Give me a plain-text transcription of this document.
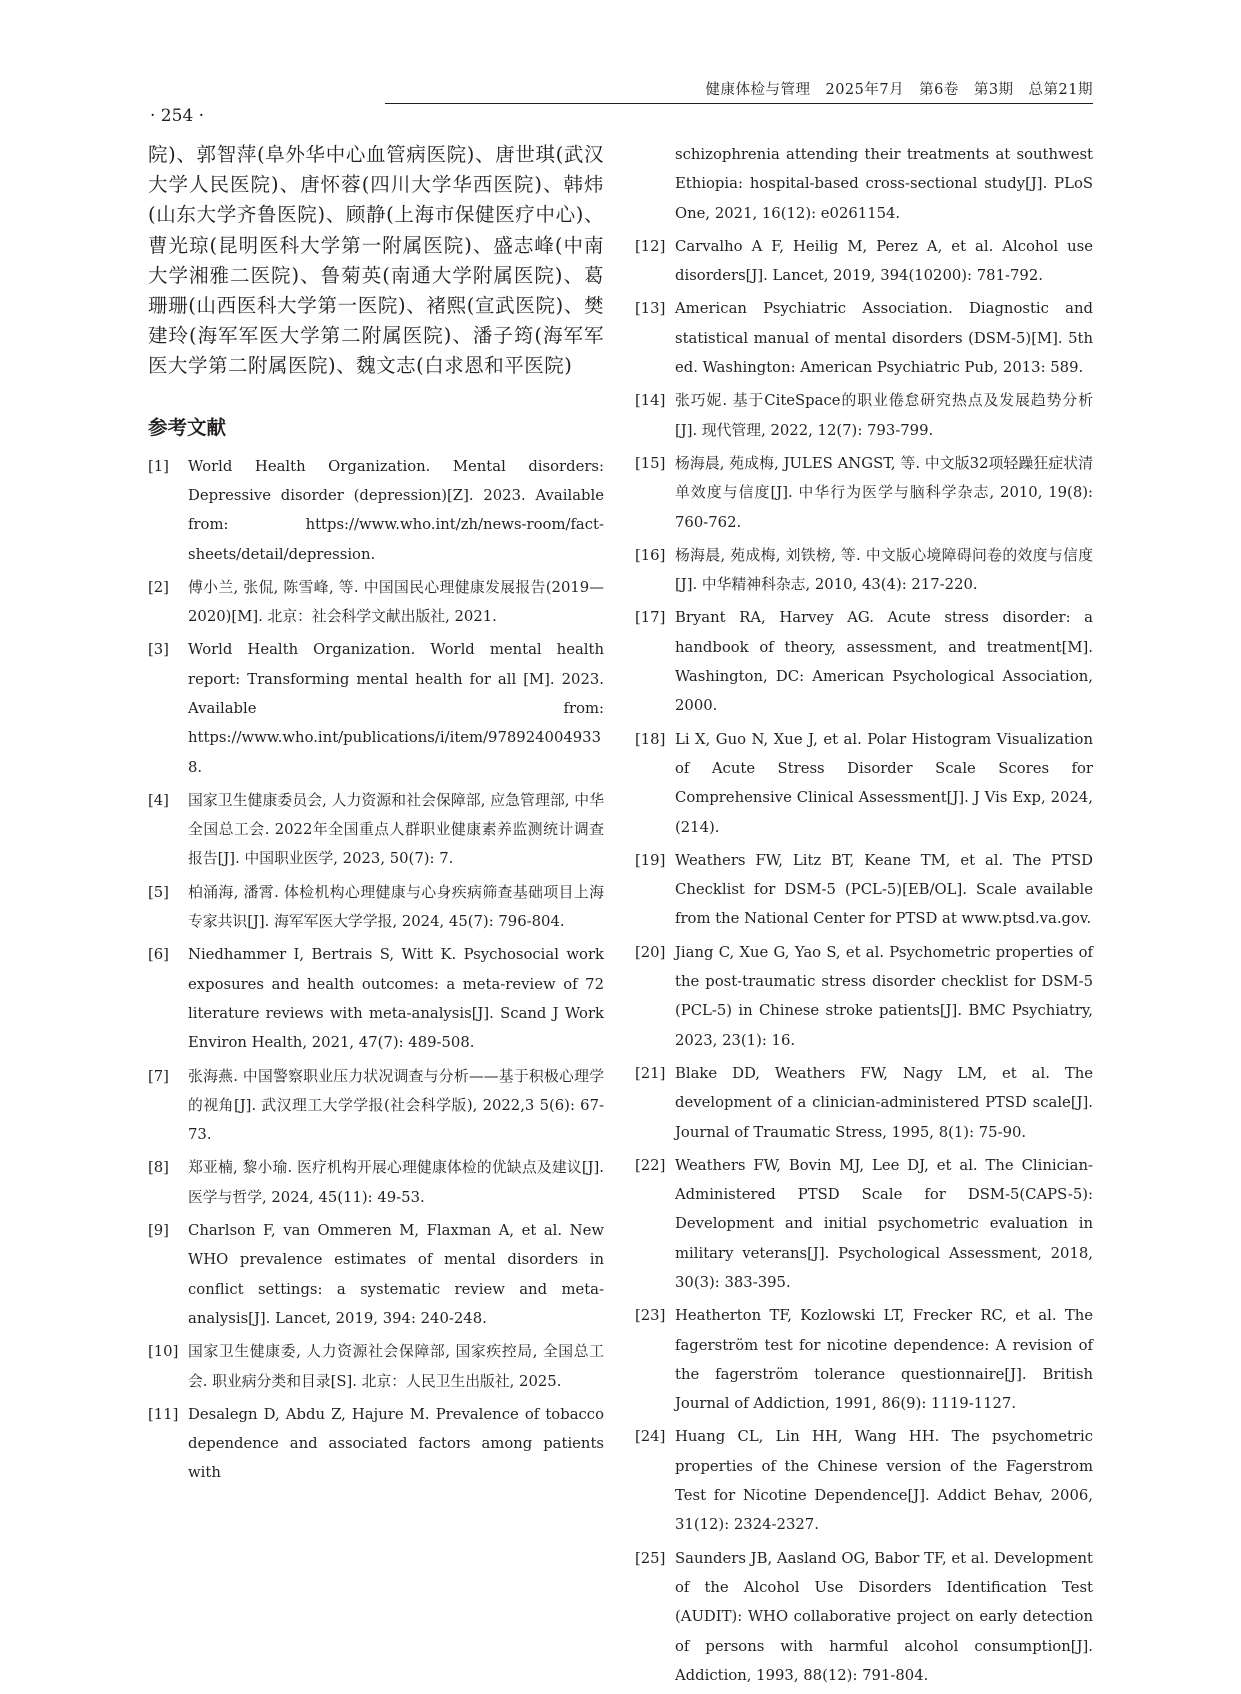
健康体检与管理　2025年7月　第6卷　第3期　总第21期
· 254 ·

院)、郭智萍(阜外华中心血管病医院)、唐世琪(武汉大学人民医院)、唐怀蓉(四川大学华西医院)、韩炜(山东大学齐鲁医院)、顾静(上海市保健医疗中心)、曹光琼(昆明医科大学第一附属医院)、盛志峰(中南大学湘雅二医院)、鲁菊英(南通大学附属医院)、葛珊珊(山西医科大学第一医院)、褚熙(宣武医院)、樊建玲(海军军医大学第二附属医院)、潘子筠(海军军医大学第二附属医院)、魏文志(白求恩和平医院)

参考文献
[1]	World Health Organization. Mental disorders: Depressive disorder (depression)[Z]. 2023. Available from: https://www.who.int/zh/news-room/fact-sheets/detail/depression.
[2]	傅小兰, 张侃, 陈雪峰, 等. 中国国民心理健康发展报告(2019—2020)[M]. 北京：社会科学文献出版社, 2021.
[3]	World Health Organization. World mental health report: Transforming mental health for all [M]. 2023. Available from: https://www.who.int/publications/i/item/9789240049338.
[4]	国家卫生健康委员会, 人力资源和社会保障部, 应急管理部, 中华全国总工会. 2022年全国重点人群职业健康素养监测统计调查报告[J]. 中国职业医学, 2023, 50(7): 7.
[5]	柏涌海, 潘霄. 体检机构心理健康与心身疾病筛查基础项目上海专家共识[J]. 海军军医大学学报, 2024, 45(7): 796-804.
[6]	Niedhammer I, Bertrais S, Witt K. Psychosocial work exposures and health outcomes: a meta-review of 72 literature reviews with meta-analysis[J]. Scand J Work Environ Health, 2021, 47(7): 489-508.
[7]	张海燕. 中国警察职业压力状况调查与分析——基于积极心理学的视角[J]. 武汉理工大学学报(社会科学版), 2022,3 5(6): 67-73.
[8]	郑亚楠, 黎小瑜. 医疗机构开展心理健康体检的优缺点及建议[J]. 医学与哲学, 2024, 45(11): 49-53.
[9]	Charlson F, van Ommeren M, Flaxman A, et al. New WHO prevalence estimates of mental disorders in conflict settings: a systematic review and meta-analysis[J]. Lancet, 2019, 394: 240-248.
[10] 国家卫生健康委, 人力资源社会保障部, 国家疾控局, 全国总工会. 职业病分类和目录[S]. 北京：人民卫生出版社, 2025.
[11] Desalegn D, Abdu Z, Hajure M. Prevalence of tobacco dependence and associated factors among patients with

schizophrenia attending their treatments at southwest Ethiopia: hospital-based cross-sectional study[J]. PLoS One, 2021, 16(12): e0261154.

[12] Carvalho A F, Heilig M, Perez A, et al. Alcohol use disorders[J]. Lancet, 2019, 394(10200): 781-792.
[13] American Psychiatric Association. Diagnostic and statistical manual of mental disorders (DSM-5)[M]. 5th ed. Washington: American Psychiatric Pub, 2013: 589.
[14] 张巧妮. 基于CiteSpace的职业倦怠研究热点及发展趋势分析[J]. 现代管理, 2022, 12(7): 793-799.
[15] 杨海晨, 苑成梅, JULES ANGST, 等. 中文版32项轻躁狂症状清单效度与信度[J]. 中华行为医学与脑科学杂志, 2010, 19(8): 760-762.
[16] 杨海晨, 苑成梅, 刘铁榜, 等. 中文版心境障碍问卷的效度与信度[J]. 中华精神科杂志, 2010, 43(4): 217-220.
[17] Bryant RA, Harvey AG. Acute stress disorder: a handbook of theory, assessment, and treatment[M]. Washington, DC: American Psychological Association, 2000.
[18] Li X, Guo N, Xue J, et al. Polar Histogram Visualization of Acute Stress Disorder Scale Scores for Comprehensive Clinical Assessment[J]. J Vis Exp, 2024, (214).
[19] Weathers FW, Litz BT, Keane TM, et al. The PTSD Checklist for DSM-5 (PCL-5)[EB/OL]. Scale available from the National Center for PTSD at www.ptsd.va.gov.
[20] Jiang C, Xue G, Yao S, et al. Psychometric properties of the post-traumatic stress disorder checklist for DSM-5 (PCL-5) in Chinese stroke patients[J]. BMC Psychiatry, 2023, 23(1): 16.
[21] Blake DD, Weathers FW, Nagy LM, et al. The development of a clinician-administered PTSD scale[J]. Journal of Traumatic Stress, 1995, 8(1): 75-90.
[22] Weathers FW, Bovin MJ, Lee DJ, et al. The Clinician-Administered PTSD Scale for DSM-5(CAPS-5): Development and initial psychometric evaluation in military veterans[J]. Psychological Assessment, 2018, 30(3): 383-395.
[23] Heatherton TF, Kozlowski LT, Frecker RC, et al. The fagerström test for nicotine dependence: A revision of the fagerström tolerance questionnaire[J]. British Journal of Addiction, 1991, 86(9): 1119-1127.
[24] Huang CL, Lin HH, Wang HH. The psychometric properties of the Chinese version of the Fagerstrom Test for Nicotine Dependence[J]. Addict Behav, 2006, 31(12): 2324-2327.
[25] Saunders JB, Aasland OG, Babor TF, et al. Development of the Alcohol Use Disorders Identification Test (AUDIT): WHO collaborative project on early detection of persons with harmful alcohol consumption[J]. Addiction, 1993, 88(12): 791-804.
